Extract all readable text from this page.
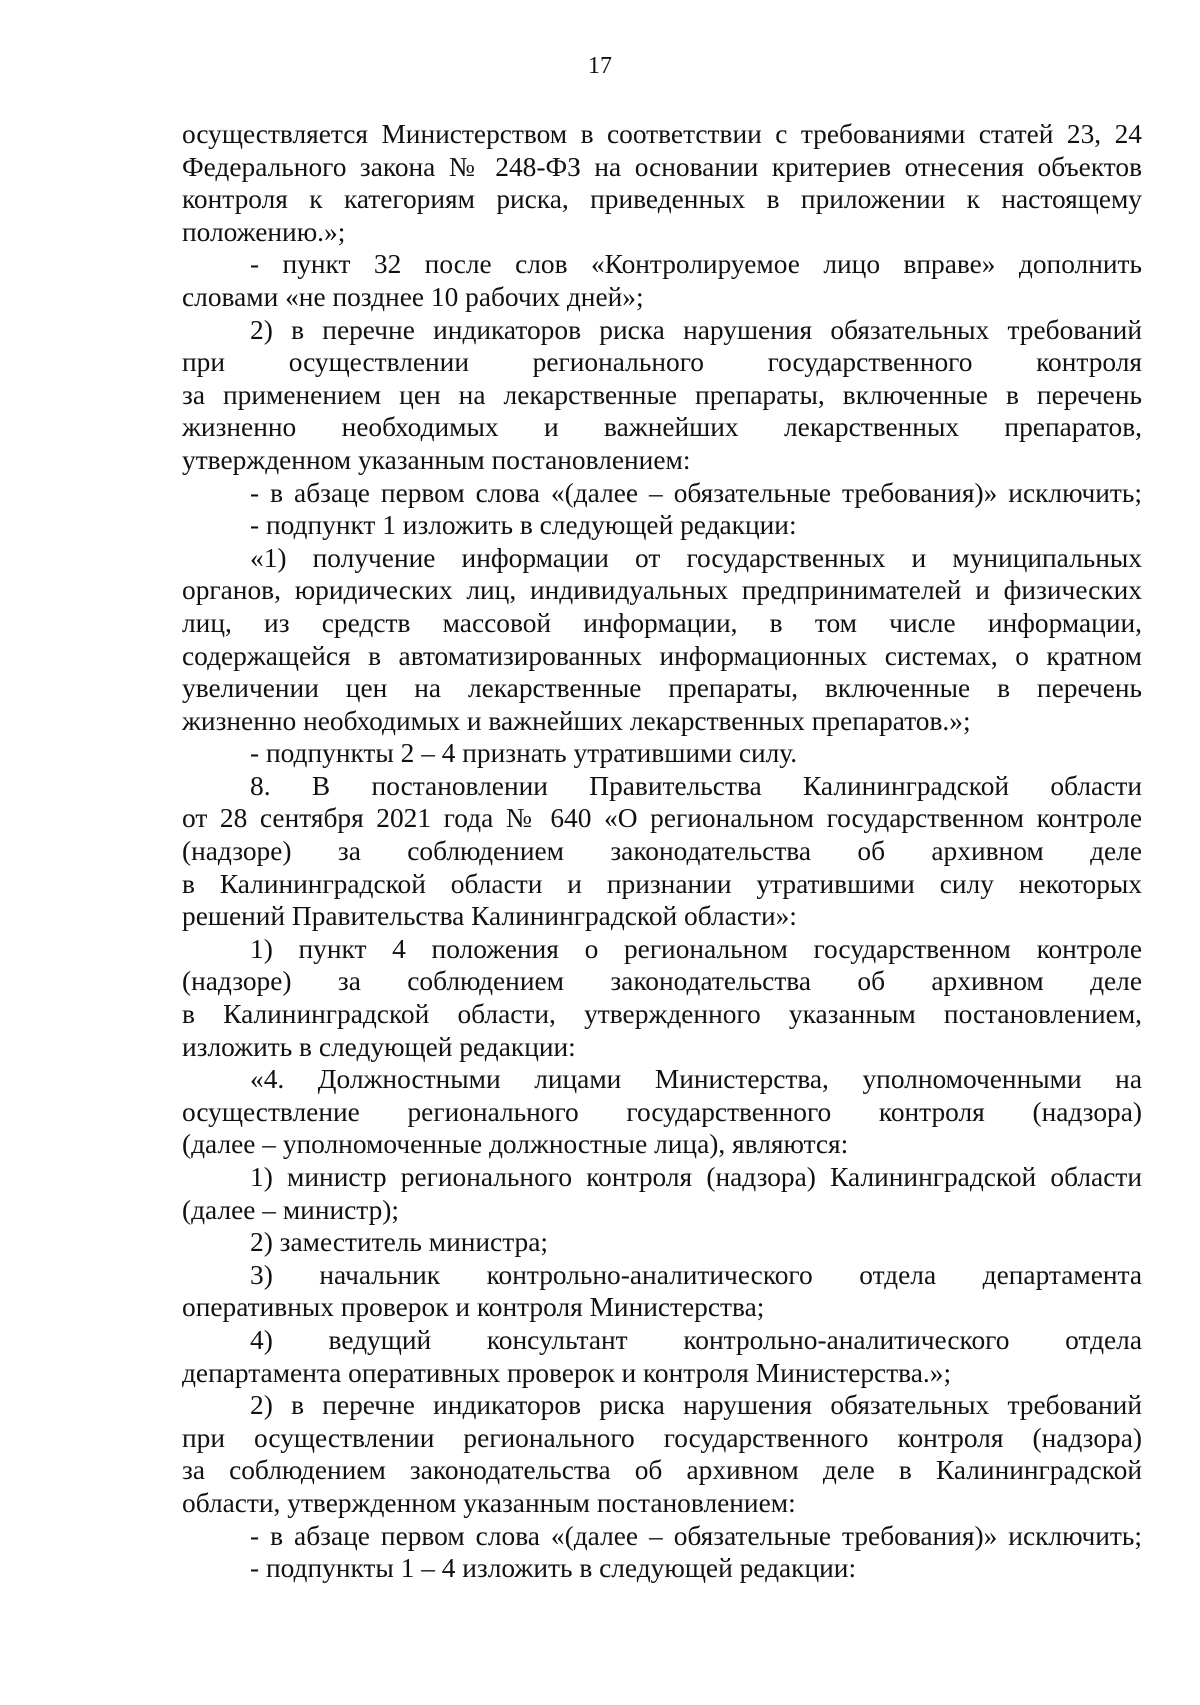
17
осуществляется Министерством в соответствии с требованиями статей 23, 24
Федерального закона № 248-ФЗ на основании критериев отнесения объектов
контроля к категориям риска, приведенных в приложении к настоящему
положению.»;
- пункт 32 после слов «Контролируемое лицо вправе» дополнить
словами «не позднее 10 рабочих дней»;
2) в перечне индикаторов риска нарушения обязательных требований
при осуществлении регионального государственного контроля
за применением цен на лекарственные препараты, включенные в перечень
жизненно необходимых и важнейших лекарственных препаратов,
утвержденном указанным постановлением:
- в абзаце первом слова «(далее – обязательные требования)» исключить;
- подпункт 1 изложить в следующей редакции:
«1) получение информации от государственных и муниципальных
органов, юридических лиц, индивидуальных предпринимателей и физических
лиц, из средств массовой информации, в том числе информации,
содержащейся в автоматизированных информационных системах, о кратном
увеличении цен на лекарственные препараты, включенные в перечень
жизненно необходимых и важнейших лекарственных препаратов.»;
- подпункты 2 – 4 признать утратившими силу.
8. В постановлении Правительства Калининградской области
от 28 сентября 2021 года № 640 «О региональном государственном контроле
(надзоре) за соблюдением законодательства об архивном деле
в Калининградской области и признании утратившими силу некоторых
решений Правительства Калининградской области»:
1) пункт 4 положения о региональном государственном контроле
(надзоре) за соблюдением законодательства об архивном деле
в Калининградской области, утвержденного указанным постановлением,
изложить в следующей редакции:
«4. Должностными лицами Министерства, уполномоченными на
осуществление регионального государственного контроля (надзора)
(далее – уполномоченные должностные лица), являются:
1) министр регионального контроля (надзора) Калининградской области
(далее – министр);
2) заместитель министра;
3) начальник контрольно-аналитического отдела департамента
оперативных проверок и контроля Министерства;
4) ведущий консультант контрольно-аналитического отдела
департамента оперативных проверок и контроля Министерства.»;
2) в перечне индикаторов риска нарушения обязательных требований
при осуществлении регионального государственного контроля (надзора)
за соблюдением законодательства об архивном деле в Калининградской
области, утвержденном указанным постановлением:
- в абзаце первом слова «(далее – обязательные требования)» исключить;
- подпункты 1 – 4 изложить в следующей редакции:
